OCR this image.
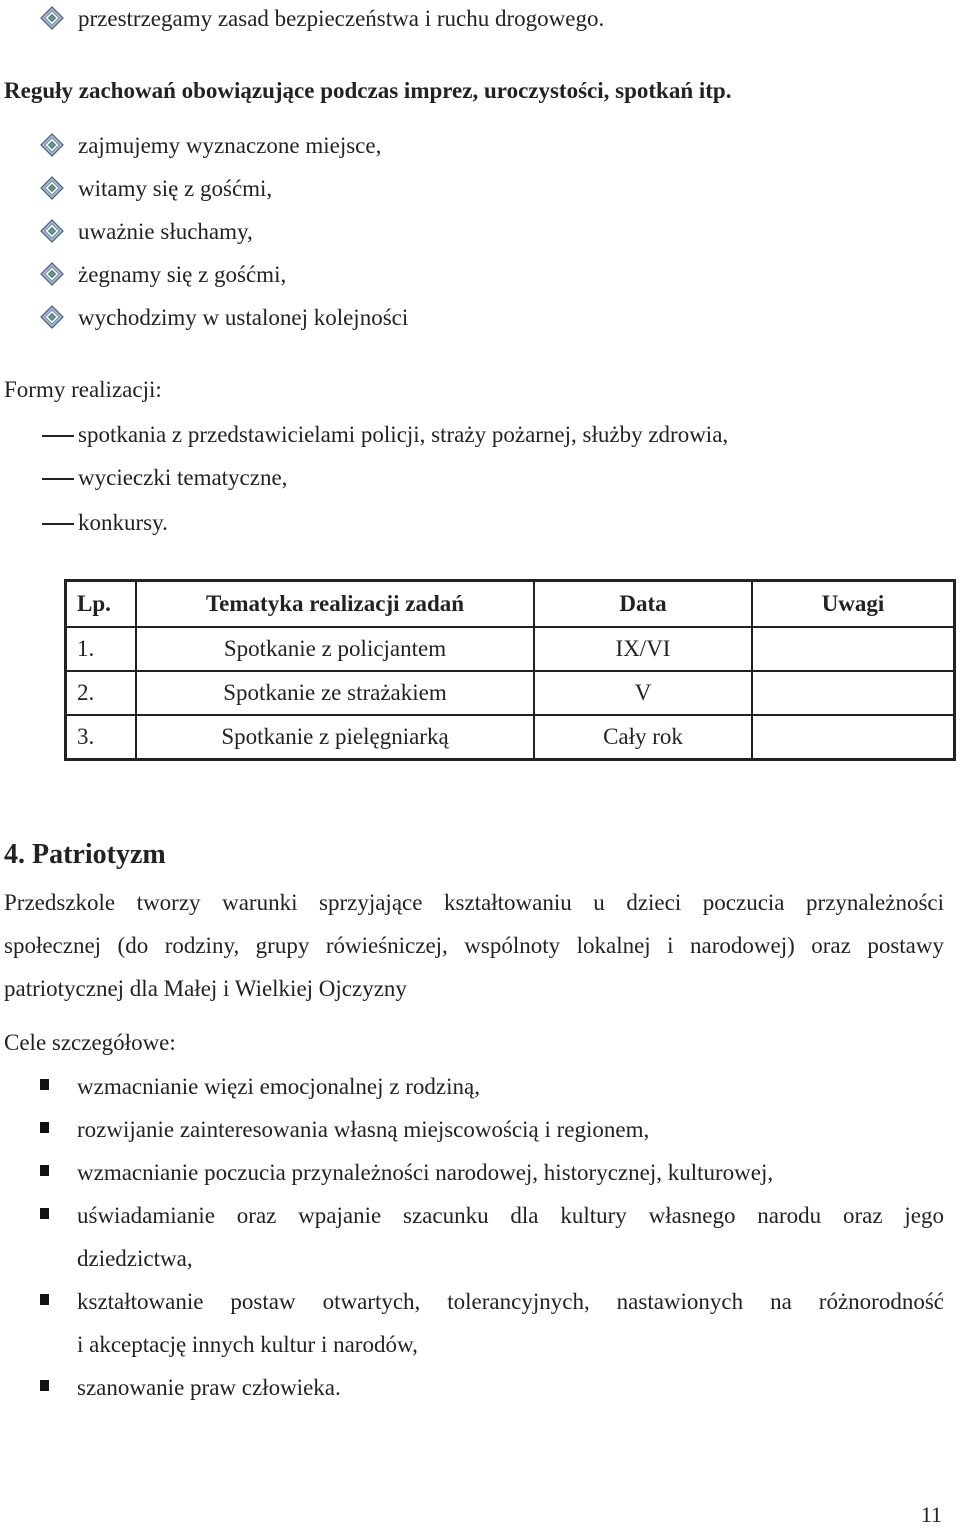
przestrzegamy zasad bezpieczeństwa i ruchu drogowego.
Reguły zachowań obowiązujące podczas imprez, uroczystości, spotkań itp.
zajmujemy wyznaczone miejsce,
witamy się z gośćmi,
uważnie słuchamy,
żegnamy się z gośćmi,
wychodzimy w ustalonej kolejności
Formy realizacji:
spotkania z przedstawicielami policji, straży pożarnej, służby zdrowia,
wycieczki tematyczne,
konkursy.
Lp.	Tematyka realizacji zadań	Data	Uwagi
1.	Spotkanie z policjantem	IX/VI	
2.	Spotkanie ze strażakiem	V	
3.	Spotkanie z pielęgniarką	Cały rok	
4. Patriotyzm
Przedszkole tworzy warunki sprzyjające kształtowaniu u dzieci poczucia przynależności
społecznej (do rodziny, grupy rówieśniczej, wspólnoty lokalnej i narodowej) oraz postawy
patriotycznej dla Małej i Wielkiej Ojczyzny
Cele szczegółowe:
wzmacnianie więzi emocjonalnej z rodziną,
rozwijanie zainteresowania własną miejscowością i regionem,
wzmacnianie poczucia przynależności narodowej, historycznej, kulturowej,
uświadamianie oraz wpajanie szacunku dla kultury własnego narodu oraz jego
dziedzictwa,
kształtowanie postaw otwartych, tolerancyjnych, nastawionych na różnorodność
i akceptację innych kultur i narodów,
szanowanie praw człowieka.
11
